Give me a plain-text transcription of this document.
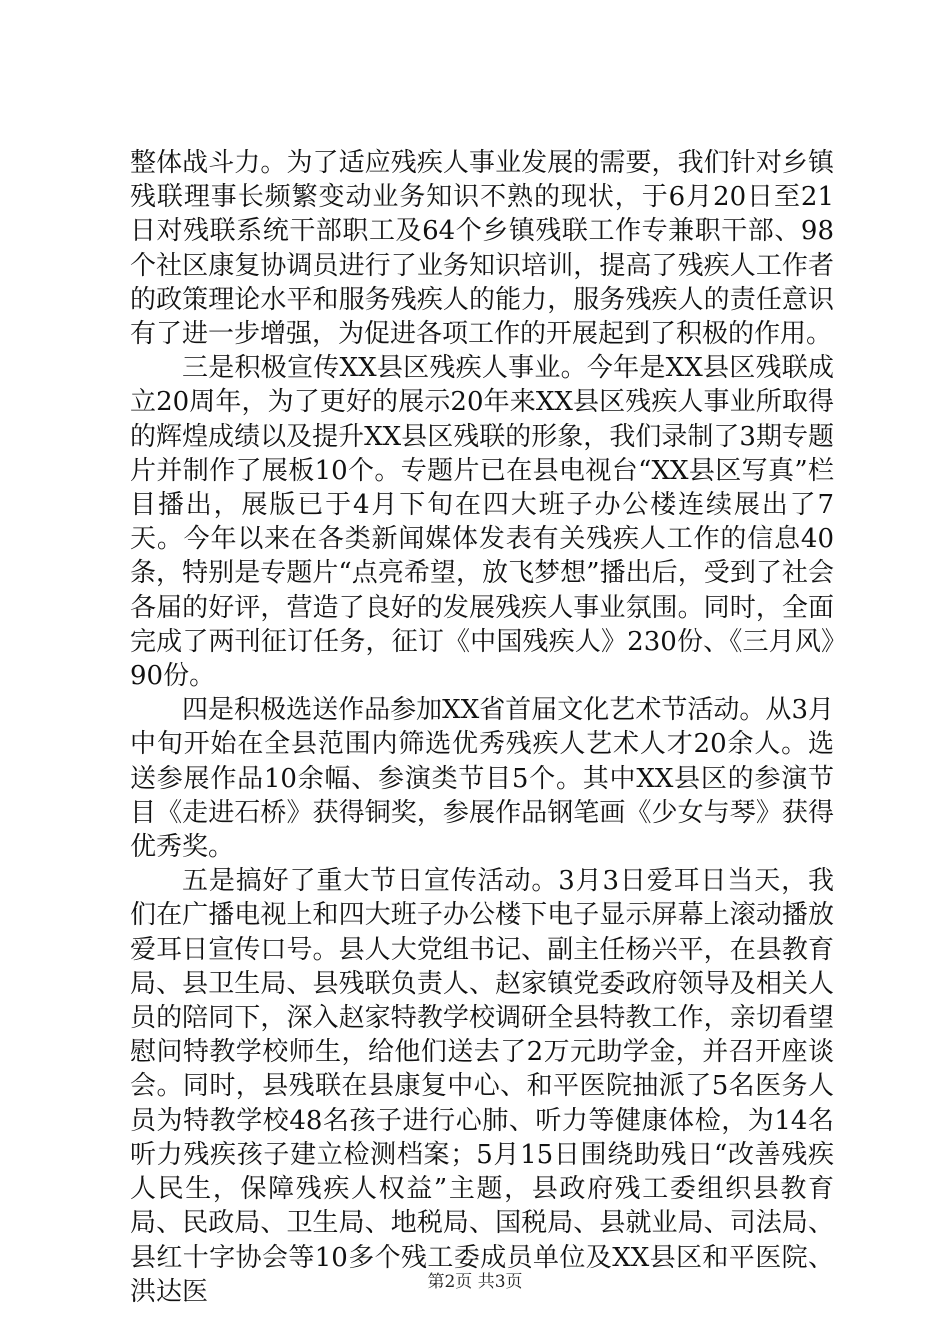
整体战斗力。为了适应残疾人事业发展的需要，我们针对乡镇残联理事长频繁变动业务知识不熟的现状，于6月20日至21日对残联系统干部职工及64个乡镇残联工作专兼职干部、98个社区康复协调员进行了业务知识培训，提高了残疾人工作者的政策理论水平和服务残疾人的能力，服务残疾人的责任意识有了进一步增强，为促进各项工作的开展起到了积极的作用。

三是积极宣传XX县区残疾人事业。今年是XX县区残联成立20周年，为了更好的展示20年来XX县区残疾人事业所取得的辉煌成绩以及提升XX县区残联的形象，我们录制了3期专题片并制作了展板10个。专题片已在县电视台“XX县区写真”栏目播出，展版已于4月下旬在四大班子办公楼连续展出了7天。今年以来在各类新闻媒体发表有关残疾人工作的信息40条，特别是专题片“点亮希望，放飞梦想”播出后，受到了社会各届的好评，营造了良好的发展残疾人事业氛围。同时，全面完成了两刊征订任务，征订《中国残疾人》230份、《三月风》90份。

四是积极选送作品参加XX省首届文化艺术节活动。从3月中旬开始在全县范围内筛选优秀残疾人艺术人才20余人。选送参展作品10余幅、参演类节目5个。其中XX县区的参演节目《走进石桥》获得铜奖，参展作品钢笔画《少女与琴》获得优秀奖。

五是搞好了重大节日宣传活动。3月3日爱耳日当天，我们在广播电视上和四大班子办公楼下电子显示屏幕上滚动播放爱耳日宣传口号。县人大党组书记、副主任杨兴平，在县教育局、县卫生局、县残联负责人、赵家镇党委政府领导及相关人员的陪同下，深入赵家特教学校调研全县特教工作，亲切看望慰问特教学校师生，给他们送去了2万元助学金，并召开座谈会。同时，县残联在县康复中心、和平医院抽派了5名医务人员为特教学校48名孩子进行心肺、听力等健康体检，为14名听力残疾孩子建立检测档案；5月15日围绕助残日“改善残疾人民生，保障残疾人权益”主题，县政府残工委组织县教育局、民政局、卫生局、地税局、国税局、县就业局、司法局、县红十字协会等10多个残工委成员单位及XX县区和平医院、洪达医	第2页 共3页
